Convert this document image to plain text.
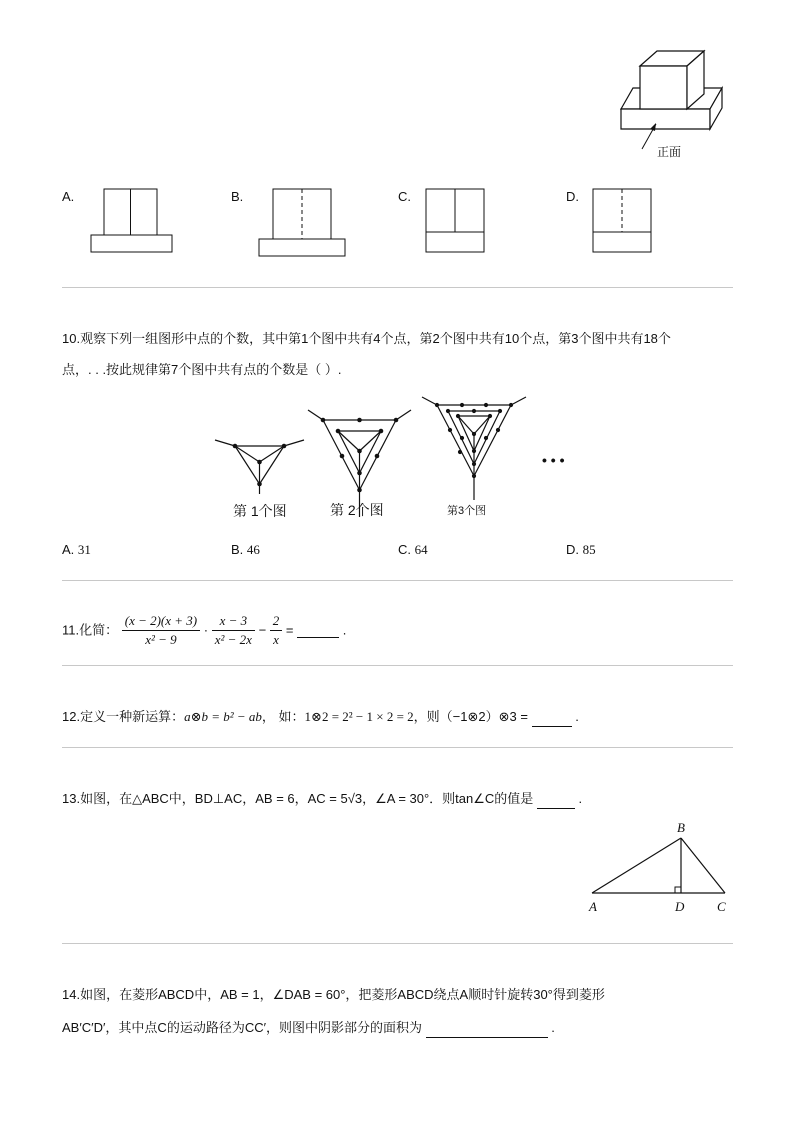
正面
A.	B.	C.	D.
10.观察下列一组图形中点的个数，其中第1个图中共有4个点，第2个图中共有10个点，第3个图中共有18个
点，. . .按此规律第7个图中共有点的个数是（ ）.
第 1个图	第 2个图	第3个图
• • •
A. 31	B. 46	C. 64	D. 85
11.化简： $\frac{(x - 2)(x + 3)}{\text{x² − 9}} \cdot \frac{x - 3}{\text{x² − 2x}} - \frac{2}{x}$ =	.
12.定义一种新运算：a⊗b = b² − ab， 如：1⊗2 = 2² − 1 × 2 = 2，则（−1⊗2）⊗3 =	.
13.如图，在△ABC中，BD⊥AC，AB = 6，AC = 5√3，∠A = 30°．则tan∠C的值是	.
B
A	D	C
14.如图，在菱形ABCD中，AB = 1，∠DAB = 60°，把菱形ABCD绕点A顺时针旋转30°得到菱形
AB′C′D′，其中点C的运动路径为CC′，则图中阴影部分的面积为	.
